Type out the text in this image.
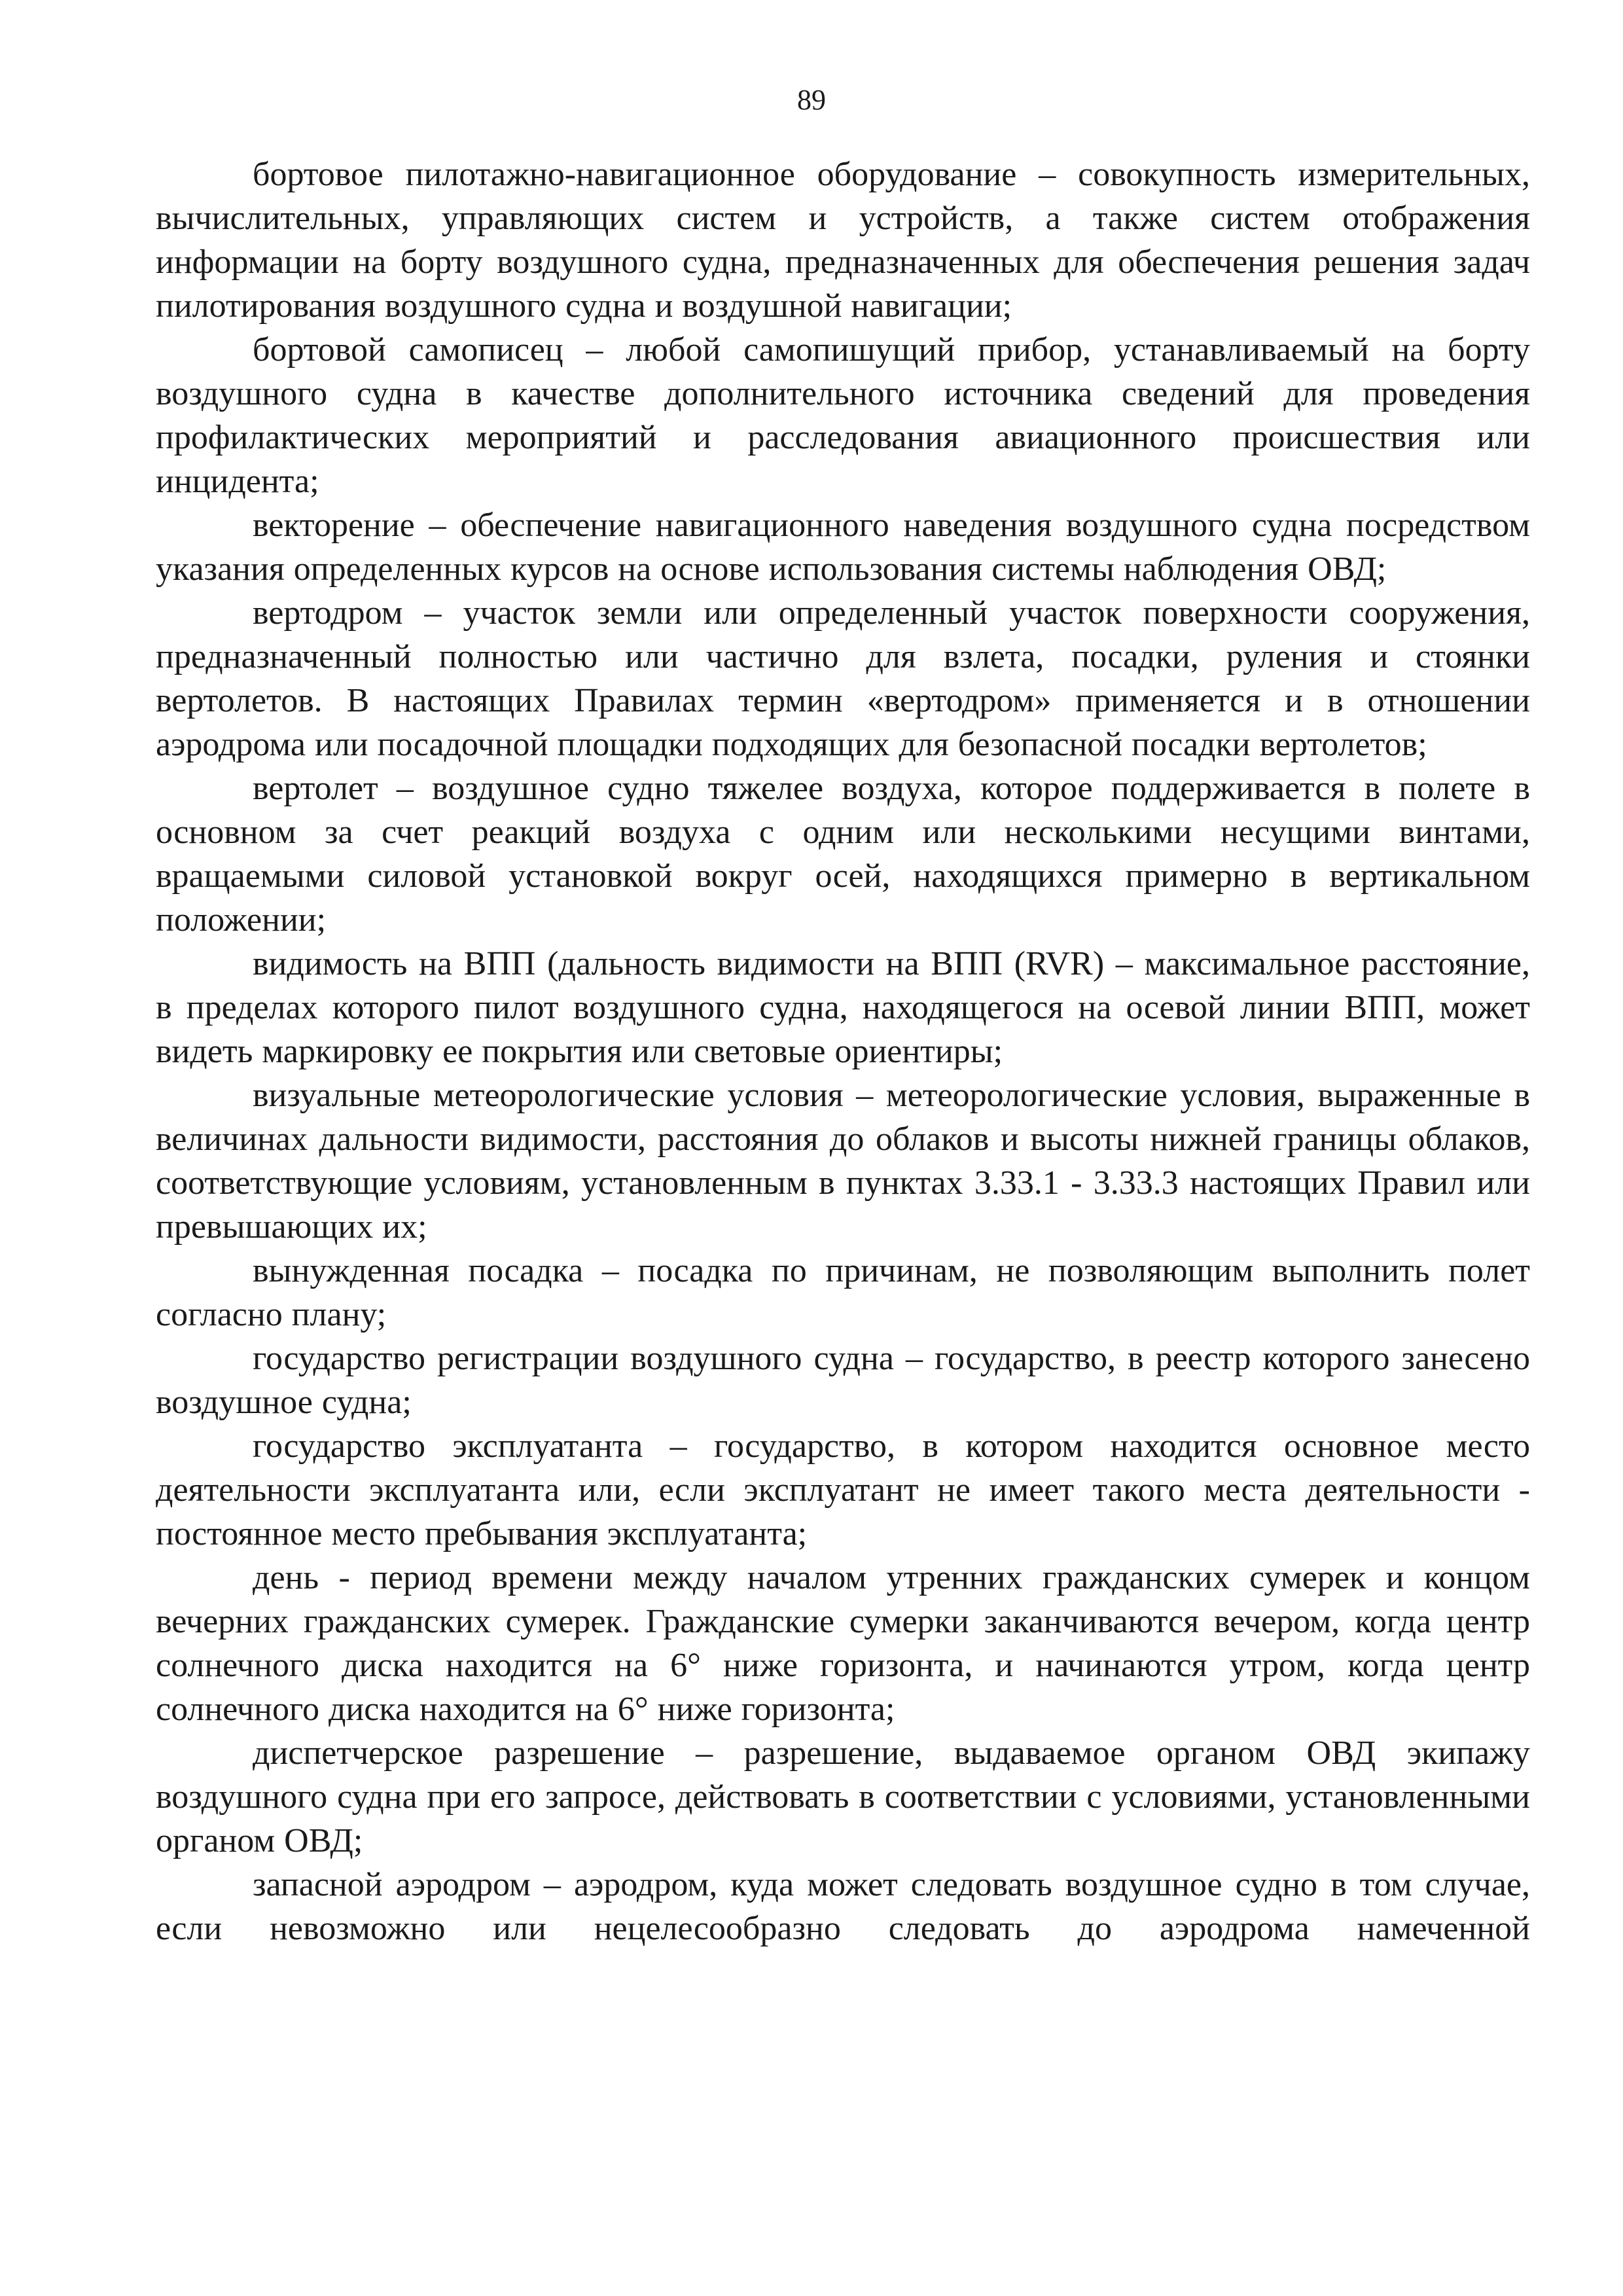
89

бортовое пилотажно-навигационное оборудование – совокупность измерительных, вычислительных, управляющих систем и устройств, а также систем отображения информации на борту воздушного судна, предназначенных для обеспечения решения задач пилотирования воздушного судна и воздушной навигации;

бортовой самописец – любой самопишущий прибор, устанавливаемый на борту воздушного судна в качестве дополнительного источника сведений для проведения профилактических мероприятий и расследования авиационного происшествия или инцидента;

векторение – обеспечение навигационного наведения воздушного судна посредством указания определенных курсов на основе использования системы наблюдения ОВД;

вертодром – участок земли или определенный участок поверхности сооружения, предназначенный полностью или частично для взлета, посадки, руления и стоянки вертолетов. В настоящих Правилах термин «вертодром» применяется и в отношении аэродрома или посадочной площадки подходящих для безопасной посадки вертолетов;

вертолет – воздушное судно тяжелее воздуха, которое поддерживается в полете в основном за счет реакций воздуха с одним или несколькими несущими винтами, вращаемыми силовой установкой вокруг осей, находящихся примерно в вертикальном положении;

видимость на ВПП (дальность видимости на ВПП (RVR) – максимальное расстояние, в пределах которого пилот воздушного судна, находящегося на осевой линии ВПП, может видеть маркировку ее покрытия или световые ориентиры;

визуальные метеорологические условия – метеорологические условия, выраженные в величинах дальности видимости, расстояния до облаков и высоты нижней границы облаков, соответствующие условиям, установленным в пунктах 3.33.1 - 3.33.3 настоящих Правил или превышающих их;

вынужденная посадка – посадка по причинам, не позволяющим выполнить полет согласно плану;

государство регистрации воздушного судна – государство, в реестр которого занесено воздушное судна;

государство эксплуатанта – государство, в котором находится основное место деятельности эксплуатанта или, если эксплуатант не имеет такого места деятельности - постоянное место пребывания эксплуатанта;

день - период времени между началом утренних гражданских сумерек и концом вечерних гражданских сумерек. Гражданские сумерки заканчиваются вечером, когда центр солнечного диска находится на 6° ниже горизонта, и начинаются утром, когда центр солнечного диска находится на 6° ниже горизонта;

диспетчерское разрешение – разрешение, выдаваемое органом ОВД экипажу воздушного судна при его запросе, действовать в соответствии с условиями, установленными органом ОВД;

запасной аэродром – аэродром, куда может следовать воздушное судно в том случае, если невозможно или нецелесообразно следовать до аэродрома намеченной
